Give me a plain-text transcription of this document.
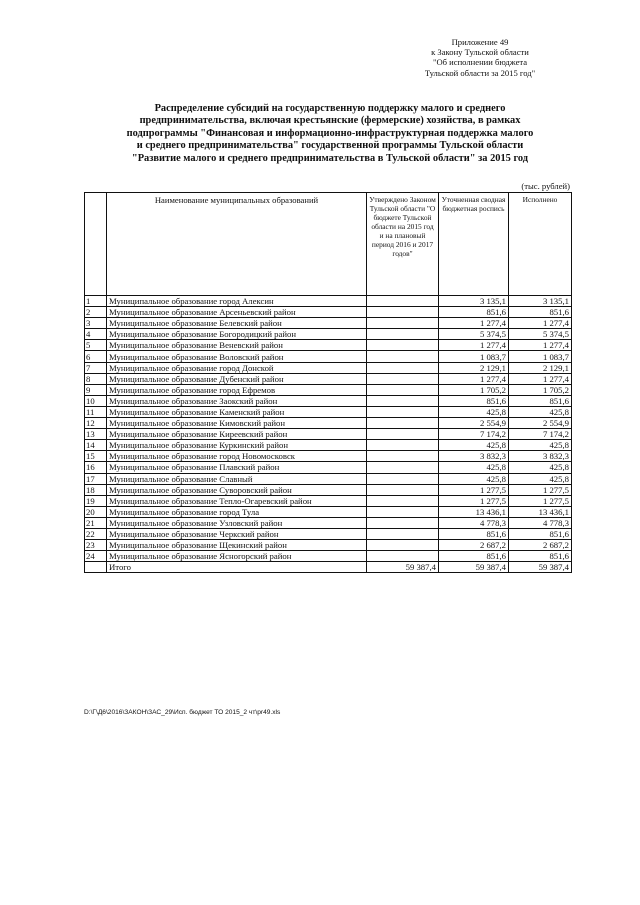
Приложение 49
к Закону Тульской области
"Об исполнении бюджета
Тульской области за 2015 год"
Распределение субсидий на государственную поддержку малого и среднего
предпринимательства, включая крестьянские (фермерские) хозяйства, в рамках
подпрограммы "Финансовая и информационно-инфраструктурная поддержка малого
и среднего предпринимательства" государственной программы Тульской области
"Развитие малого и среднего предпринимательства в Тульской области" за 2015 год
(тыс. рублей)
	Наименование муниципальных образований	Утверждено Законом Тульской области "О бюджете Тульской области на 2015 год и на плановый период 2016 и 2017 годов"	Уточненная сводная бюджетная роспись	Исполнено
1	Муниципальное образование город Алексин		3 135,1	3 135,1
2	Муниципальное образование Арсеньевский район		851,6	851,6
3	Муниципальное образование Белевский район		1 277,4	1 277,4
4	Муниципальное образование Богородицкий район		5 374,5	5 374,5
5	Муниципальное образование Веневский район		1 277,4	1 277,4
6	Муниципальное образование Воловский район		1 083,7	1 083,7
7	Муниципальное образование город Донской		2 129,1	2 129,1
8	Муниципальное образование Дубенский район		1 277,4	1 277,4
9	Муниципальное образование город Ефремов		1 705,2	1 705,2
10	Муниципальное образование Заокский район		851,6	851,6
11	Муниципальное образование Каменский район		425,8	425,8
12	Муниципальное образование Кимовский район		2 554,9	2 554,9
13	Муниципальное образование Киреевский район		7 174,2	7 174,2
14	Муниципальное образование Куркинский район		425,8	425,8
15	Муниципальное образование город Новомосковск		3 832,3	3 832,3
16	Муниципальное образование Плавский район		425,8	425,8
17	Муниципальное образование Славный		425,8	425,8
18	Муниципальное образование Суворовский район		1 277,5	1 277,5
19	Муниципальное образование Тепло-Огаревский район		1 277,5	1 277,5
20	Муниципальное образование город Тула		13 436,1	13 436,1
21	Муниципальное образование Узловский район		4 778,3	4 778,3
22	Муниципальное образование Черкский район		851,6	851,6
23	Муниципальное образование Щекинский район		2 687,2	2 687,2
24	Муниципальное образование Ясногорский район		851,6	851,6
	Итого	59 387,4	59 387,4	59 387,4
D:\Г\Д6\2016\ЗАКОН\ЗАС_29\Исп. бюджет ТО 2015_2 чт\pr49.xls
